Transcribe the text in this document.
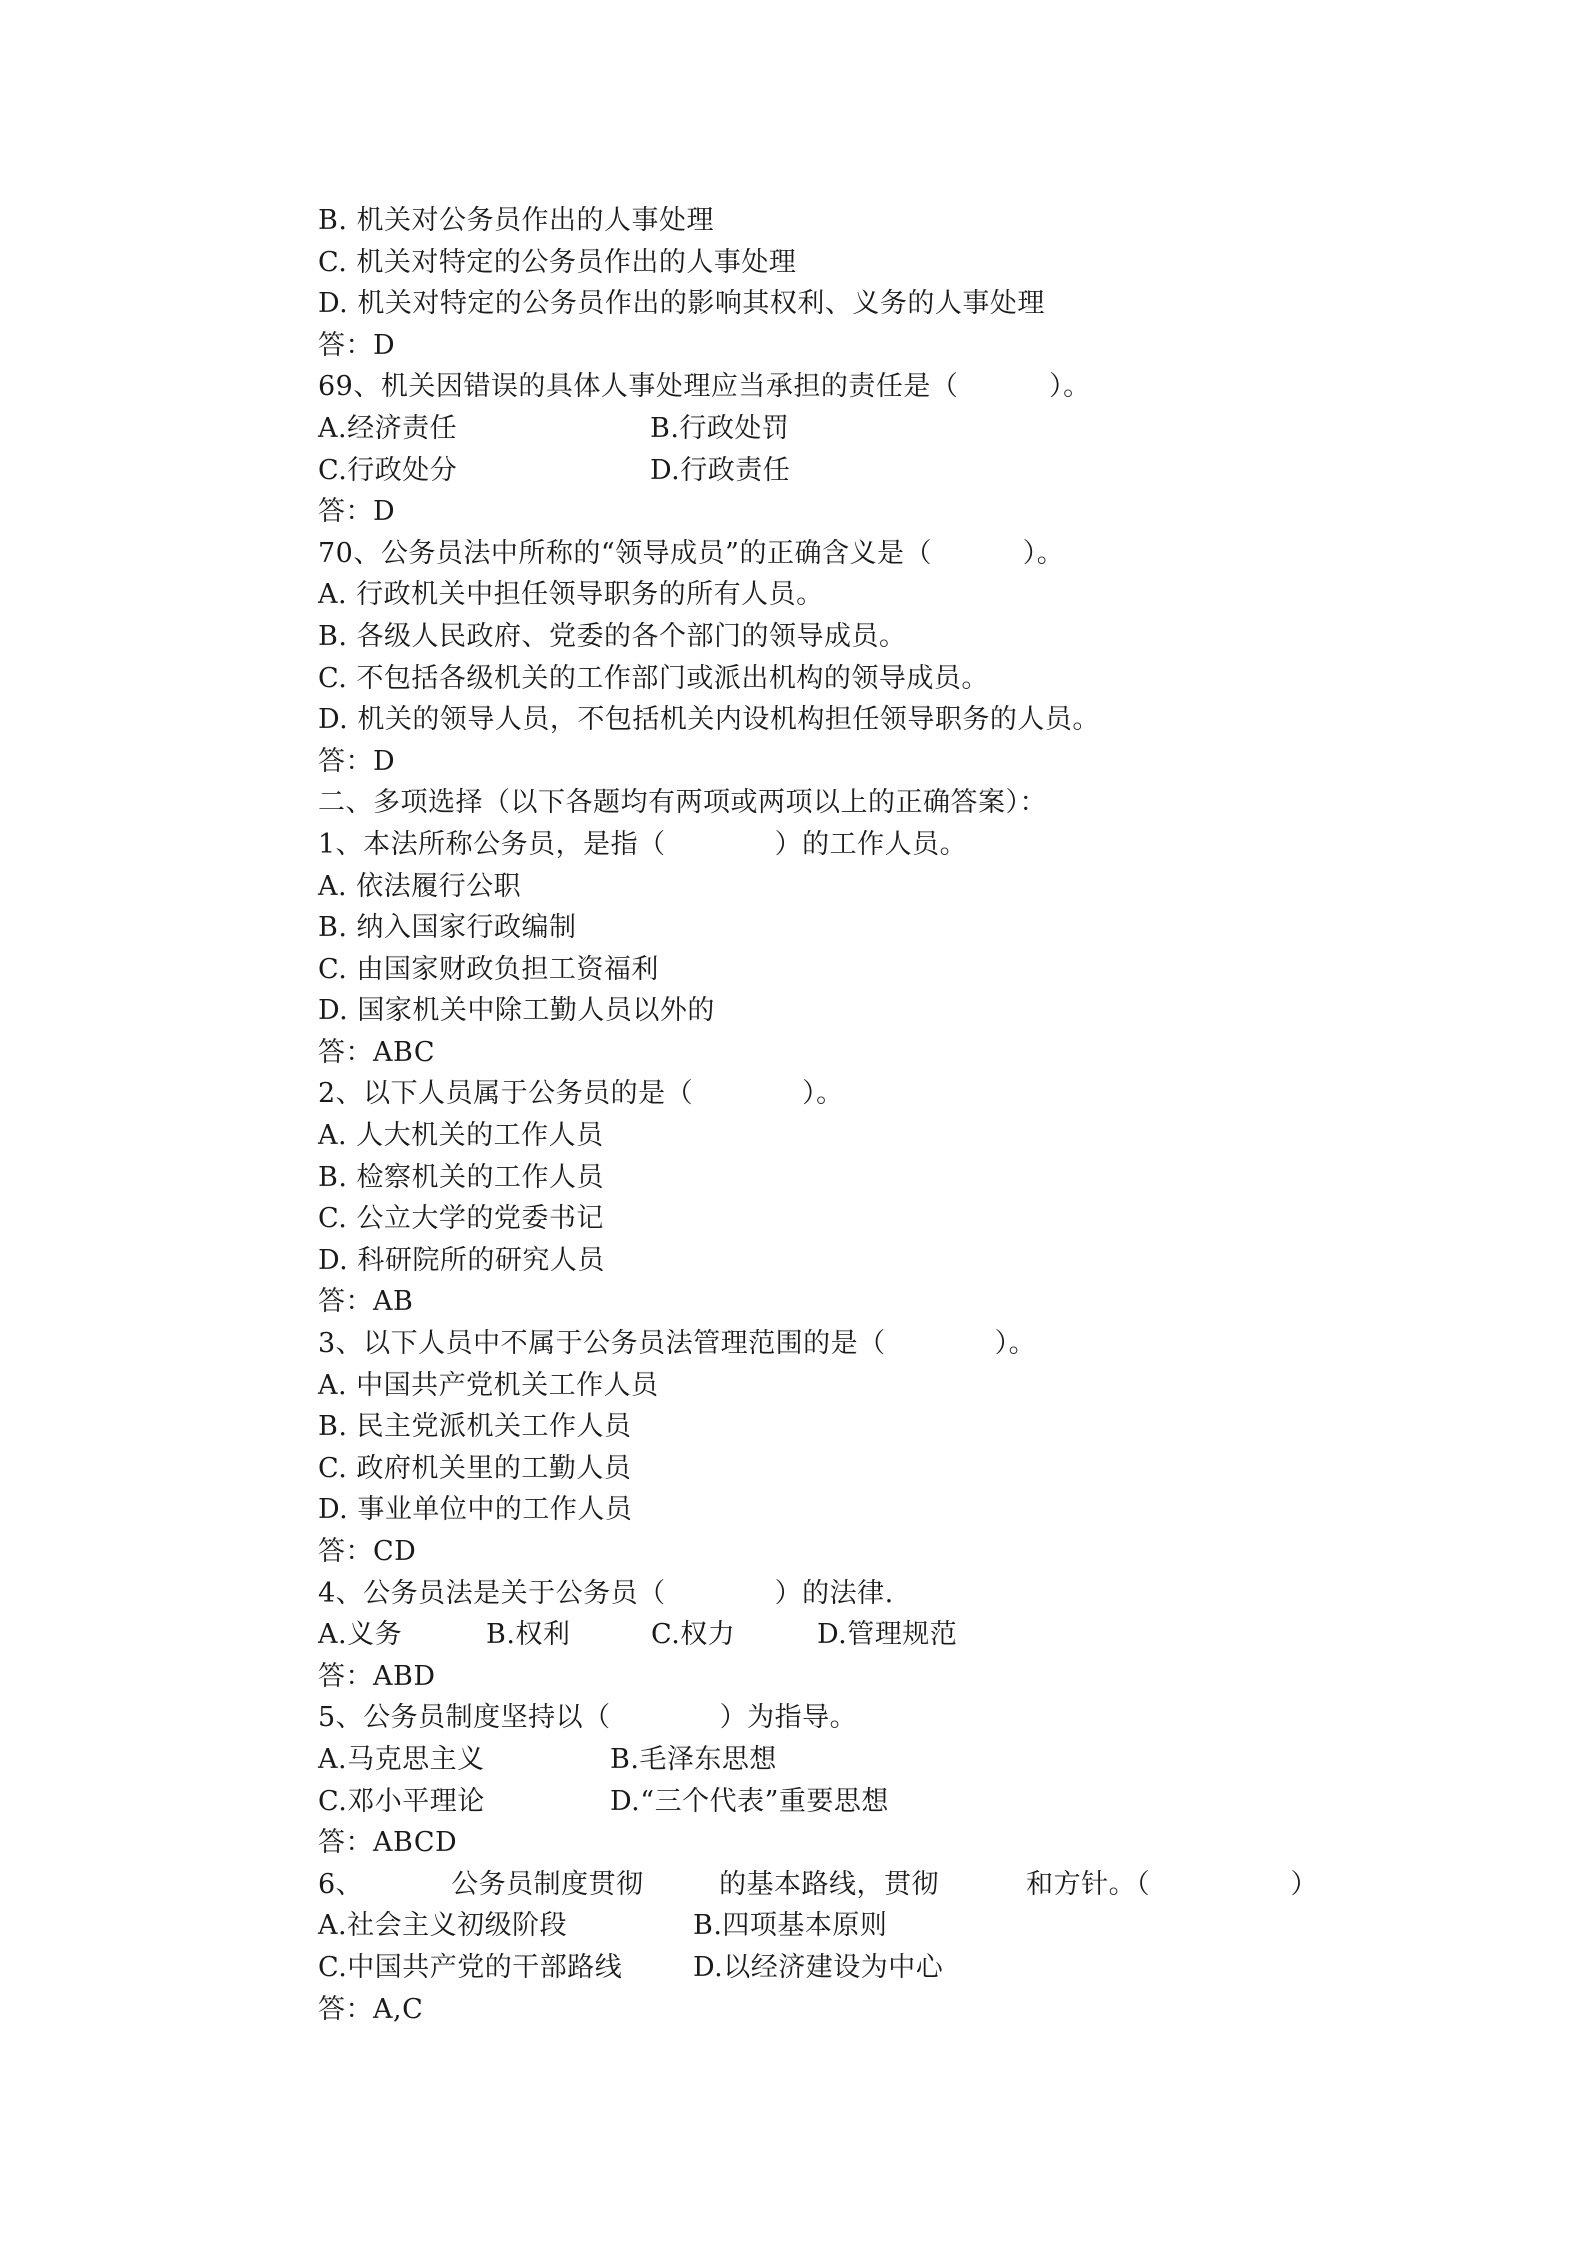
B. 机关对公务员作出的人事处理
C. 机关对特定的公务员作出的人事处理
D. 机关对特定的公务员作出的影响其权利、义务的人事处理
答：D
69、机关因错误的具体人事处理应当承担的责任是（          ）。
A.经济责任	B.行政处罚
C.行政处分	D.行政责任
答：D
70、公务员法中所称的“领导成员”的正确含义是（          ）。
A. 行政机关中担任领导职务的所有人员。
B. 各级人民政府、党委的各个部门的领导成员。
C. 不包括各级机关的工作部门或派出机构的领导成员。
D. 机关的领导人员，不包括机关内设机构担任领导职务的人员。
答：D
二、多项选择（以下各题均有两项或两项以上的正确答案）：
1、本法所称公务员，是指（            ）的工作人员。
A. 依法履行公职
B. 纳入国家行政编制
C. 由国家财政负担工资福利
D. 国家机关中除工勤人员以外的
答：ABC
2、以下人员属于公务员的是（            ）。
A. 人大机关的工作人员
B. 检察机关的工作人员
C. 公立大学的党委书记
D. 科研院所的研究人员
答：AB
3、以下人员中不属于公务员法管理范围的是（            ）。
A. 中国共产党机关工作人员
B. 民主党派机关工作人员
C. 政府机关里的工勤人员
D. 事业单位中的工作人员
答：CD
4、公务员法是关于公务员（            ）的法律.
A.义务	B.权利	C.权力	D.管理规范
答：ABD
5、公务员制度坚持以（            ）为指导。
A.马克思主义	B.毛泽东思想
C.邓小平理论	D.“三个代表”重要思想
答：ABCD
6、	公务员制度贯彻	的基本路线，贯彻	和方针。（	）
A.社会主义初级阶段	B.四项基本原则
C.中国共产党的干部路线	D.以经济建设为中心
答：A,C
